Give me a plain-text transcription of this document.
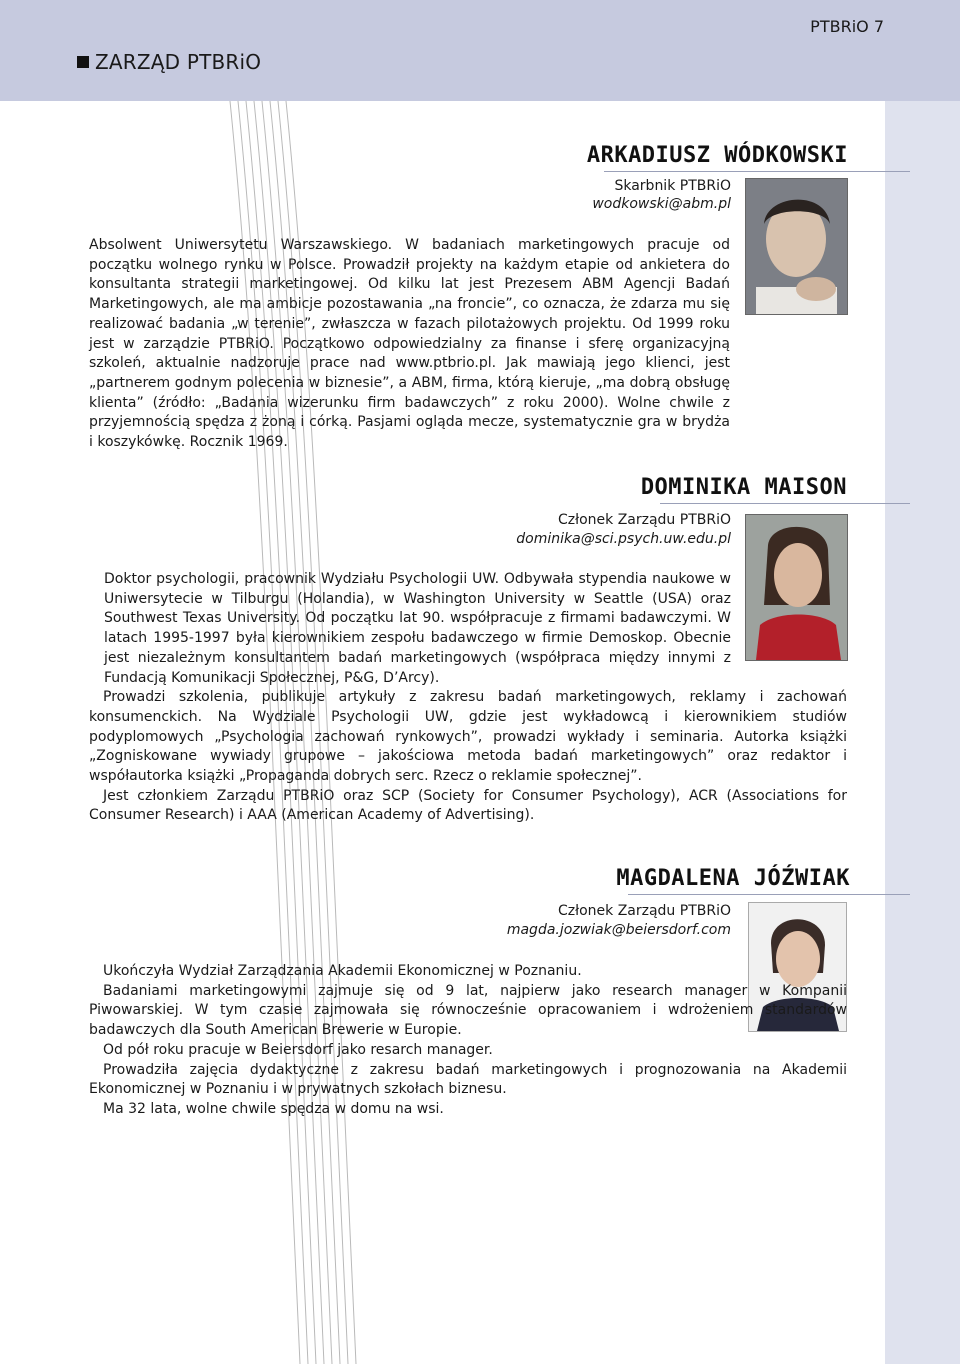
ZARZĄD PTBRiO
PTBRiO 7
ARKADIUSZ WÓDKOWSKI
Skarbnik PTBRiO
wodkowski@abm.pl

Absolwent Uniwersytetu Warszawskiego. W badaniach marketingowych pracuje od początku wolnego rynku w Polsce. Prowadził projekty na każdym etapie od ankietera do konsultanta strategii marketingowej. Od kilku lat jest Prezesem ABM Agencji Badań Marketingowych, ale ma ambicje pozostawania „na froncie”, co oznacza, że zdarza mu się realizować badania „w terenie”, zwłaszcza w fazach pilotażowych projektu. Od 1999 roku jest w zarządzie PTBRiO. Początkowo odpowiedzialny za finanse i sferę organizacyjną szkoleń, aktualnie nadzoruje prace nad www.ptbrio.pl. Jak mawiają jego klienci, jest „partnerem godnym polecenia w biznesie”, a ABM, firma, którą kieruje, „ma dobrą obsługę klienta” (źródło: „Badania wizerunku firm badawczych” z roku 2000). Wolne chwile z przyjemnością spędza z żoną i córką. Pasjami ogląda mecze, systematycznie gra w brydża i koszykówkę. Rocznik 1969.

DOMINIKA MAISON
Członek Zarządu PTBRiO
dominika@sci.psych.uw.edu.pl

Doktor psychologii, pracownik Wydziału Psychologii UW. Odbywała stypendia naukowe w Uniwersytecie w Tilburgu (Holandia), w Washington University w Seattle (USA) oraz Southwest Texas University. Od początku lat 90. współpracuje z firmami badawczymi. W latach 1995-1997 była kierownikiem zespołu badawczego w firmie Demoskop. Obecnie jest niezależnym konsultantem badań marketingowych (współpraca między innymi z Fundacją Komunikacji Społecznej, P&G, D’Arcy).

Prowadzi szkolenia, publikuje artykuły z zakresu badań marketingowych, reklamy i zachowań konsumenckich. Na Wydziale Psychologii UW, gdzie jest wykładowcą i kierownikiem studiów podyplomowych „Psychologia zachowań rynkowych”, prowadzi wykłady i seminaria. Autorka książki „Zogniskowane wywiady grupowe – jakościowa metoda badań marketingowych” oraz redaktor i współautorka książki „Propaganda dobrych serc. Rzecz o reklamie społecznej”.

Jest członkiem Zarządu PTBRiO oraz SCP (Society for Consumer Psychology), ACR (Associations for Consumer Research) i AAA (American Academy of Advertising).

MAGDALENA JÓŹWIAK
Członek Zarządu PTBRiO
magda.jozwiak@beiersdorf.com

Ukończyła Wydział Zarządzania Akademii Ekonomicznej w Poznaniu.

Badaniami marketingowymi zajmuje się od 9 lat, najpierw jako research manager w Kompanii Piwowarskiej. W tym czasie zajmowała się równocześnie opracowaniem i wdrożeniem standardów badawczych dla South American Brewerie w Europie.

Od pół roku pracuje w Beiersdorf jako resarch manager.

Prowadziła zajęcia dydaktyczne z zakresu badań marketingowych i prognozowania na Akademii Ekonomicznej w Poznaniu i w prywatnych szkołach biznesu.

Ma 32 lata, wolne chwile spędza w domu na wsi.
